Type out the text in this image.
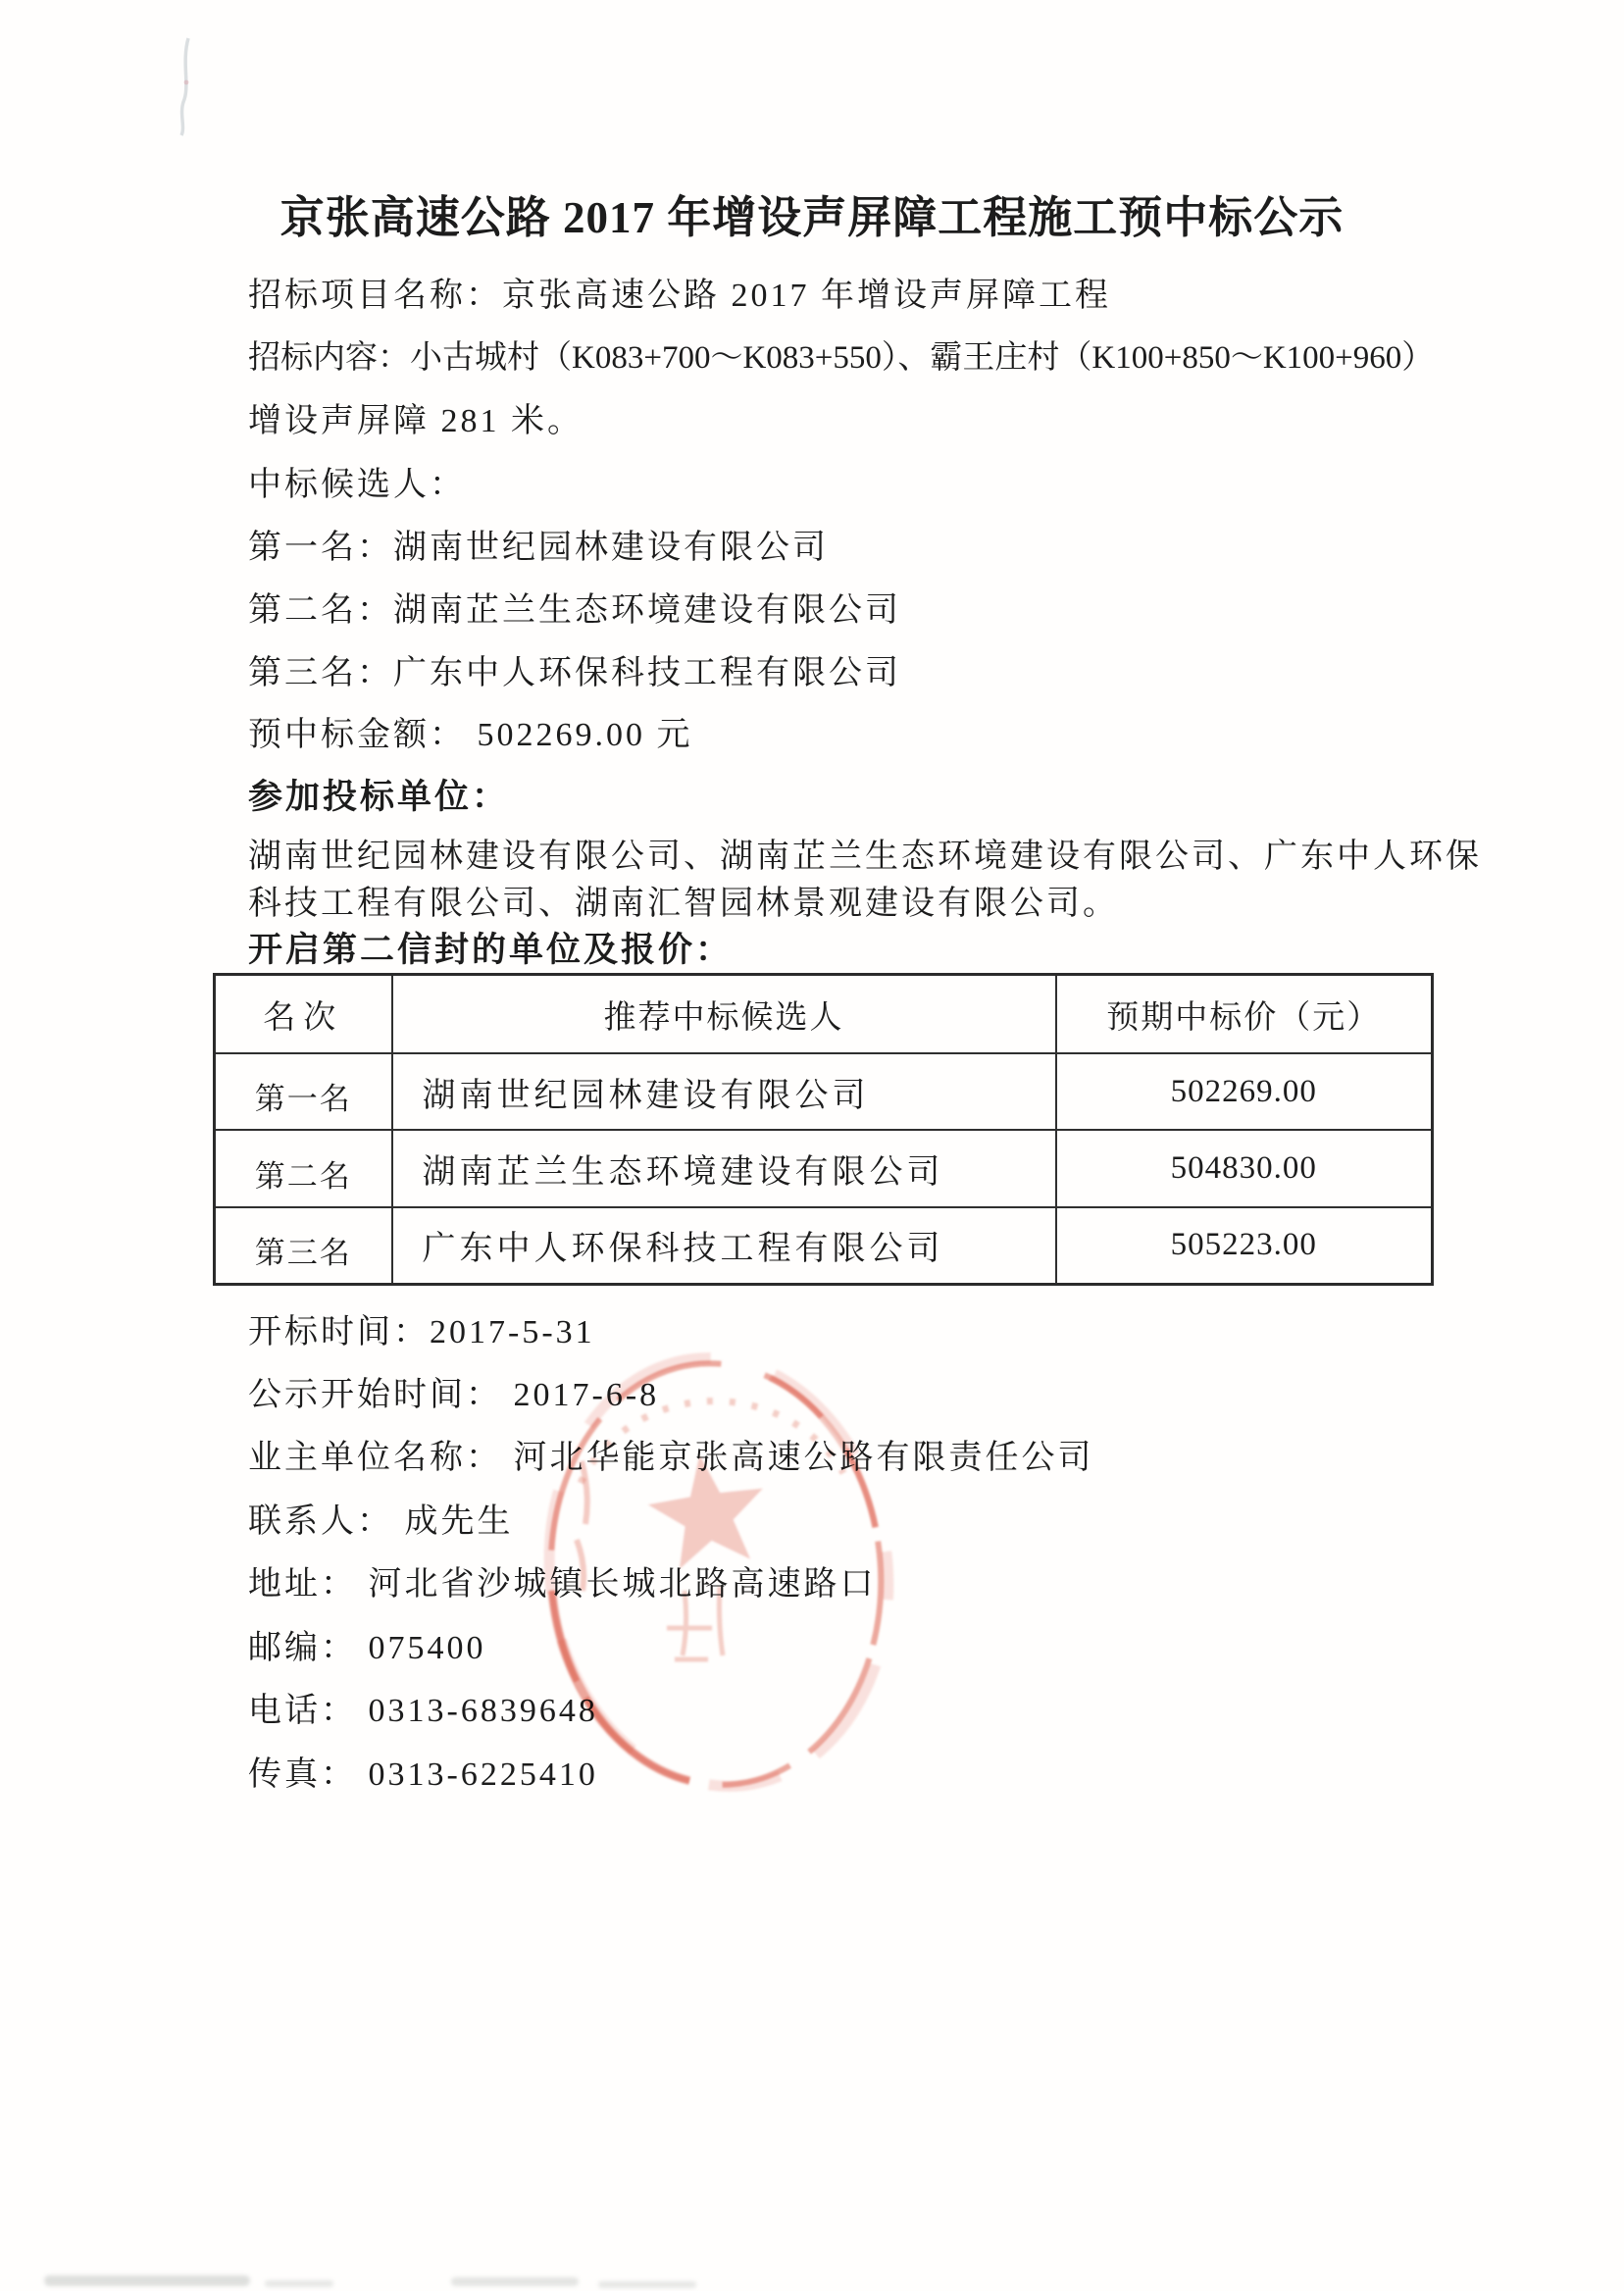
京张高速公路 2017 年增设声屏障工程施工预中标公示
招标项目名称：京张高速公路 2017 年增设声屏障工程
招标内容：小古城村（K083+700～K083+550）、霸王庄村（K100+850～K100+960）
增设声屏障 281 米。
中标候选人：
第一名：湖南世纪园林建设有限公司
第二名：湖南芷兰生态环境建设有限公司
第三名：广东中人环保科技工程有限公司
预中标金额： 502269.00 元
参加投标单位：
湖南世纪园林建设有限公司、湖南芷兰生态环境建设有限公司、广东中人环保
科技工程有限公司、湖南汇智园林景观建设有限公司。
开启第二信封的单位及报价：
名次	推荐中标候选人	预期中标价（元）
第一名	湖南世纪园林建设有限公司	502269.00
第二名	湖南芷兰生态环境建设有限公司	504830.00
第三名	广东中人环保科技工程有限公司	505223.00
开标时间：2017-5-31
公示开始时间： 2017-6-8
业主单位名称： 河北华能京张高速公路有限责任公司
联系人： 成先生
地址： 河北省沙城镇长城北路高速路口
邮编： 075400
电话： 0313-6839648
传真： 0313-6225410
